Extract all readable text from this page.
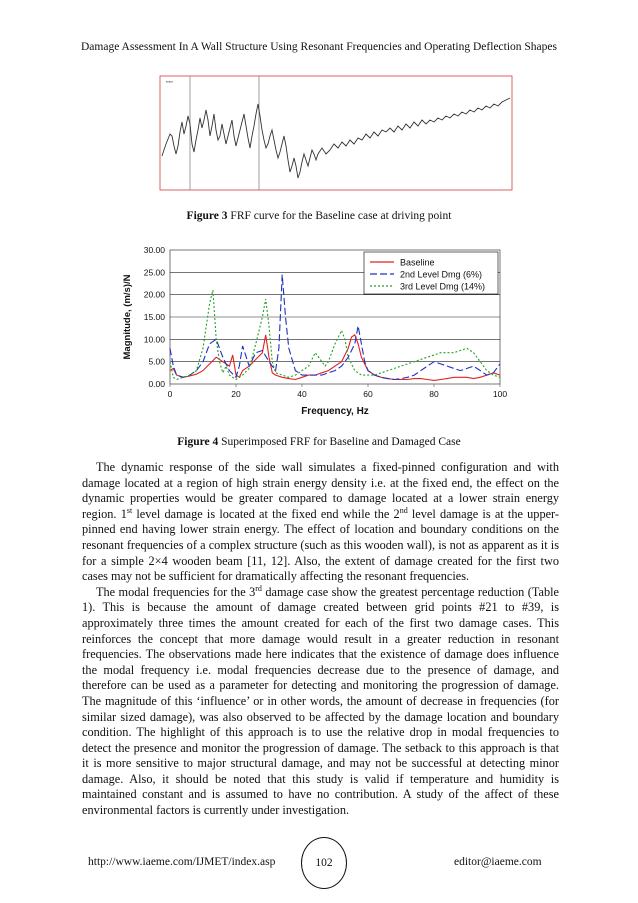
Damage Assessment In A Wall Structure Using Resonant Frequencies and Operating Deflection Shapes
▪▪▪▪▪
Figure 3 FRF curve for the Baseline case at driving point
0.00
5.00
10.00
15.00
20.00
25.00
30.00
0	20	40	60	80	100
Frequency, Hz
Magnitude, (m/s)/N
Baseline
2nd Level Dmg (6%)
3rd Level Dmg (14%)
Figure 4 Superimposed FRF for Baseline and Damaged Case

The dynamic response of the side wall simulates a fixed-pinned configuration and with damage located at a region of high strain energy density i.e. at the fixed end, the effect on the dynamic properties would be greater compared to damage located at a lower strain energy region. 1st level damage is located at the fixed end while the 2nd level damage is at the upper-pinned end having lower strain energy. The effect of location and boundary conditions on the resonant frequencies of a complex structure (such as this wooden wall), is not as apparent as it is for a simple 2×4 wooden beam [11, 12]. Also, the extent of damage created for the first two cases may not be sufficient for dramatically affecting the resonant frequencies.

The modal frequencies for the 3rd damage case show the greatest percentage reduction (Table 1). This is because the amount of damage created between grid points #21 to #39, is approximately three times the amount created for each of the first two damage cases. This reinforces the concept that more damage would result in a greater reduction in resonant frequencies. The observations made here indicates that the existence of damage does influence the modal frequency i.e. modal frequencies decrease due to the presence of damage, and therefore can be used as a parameter for detecting and monitoring the progression of damage. The magnitude of this ‘influence’ or in other words, the amount of decrease in frequencies (for similar sized damage), was also observed to be affected by the damage location and boundary condition. The highlight of this approach is to use the relative drop in modal frequencies to detect the presence and monitor the progression of damage. The setback to this approach is that it is more sensitive to major structural damage, and may not be successful at detecting minor damage. Also, it should be noted that this study is valid if temperature and humidity is maintained constant and is assumed to have no contribution. A study of the affect of these environmental factors is currently under investigation.

http://www.iaeme.com/IJMET/index.asp	102	editor@iaeme.com
